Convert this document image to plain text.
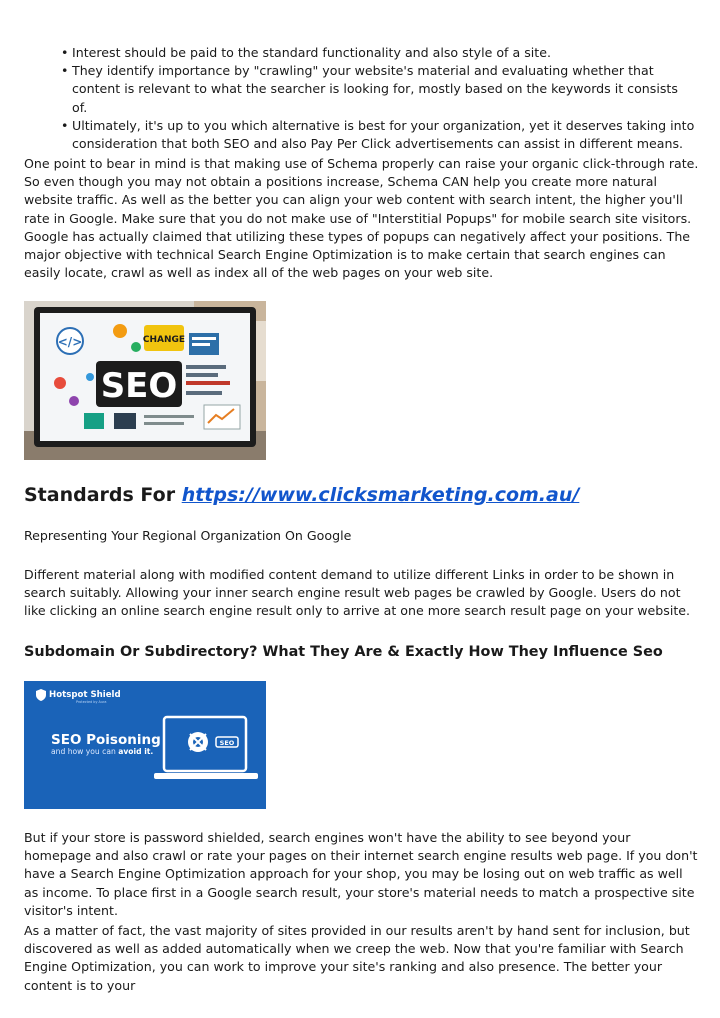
• Interest should be paid to the standard functionality and also style of a site.
• They identify importance by "crawling" your website's material and evaluating whether that content is relevant to what the searcher is looking for, mostly based on the keywords it consists of.
• Ultimately, it's up to you which alternative is best for your organization, yet it deserves taking into consideration that both SEO and also Pay Per Click advertisements can assist in different means.

One point to bear in mind is that making use of Schema properly can raise your organic click-through rate. So even though you may not obtain a positions increase, Schema CAN help you create more natural website traffic. As well as the better you can align your web content with search intent, the higher you'll rate in Google. Make sure that you do not make use of "Interstitial Popups" for mobile search site visitors. Google has actually claimed that utilizing these types of popups can negatively affect your positions. The major objective with technical Search Engine Optimization is to make certain that search engines can easily locate, crawl as well as index all of the web pages on your web site.

</>	CHANGE
SEO
Standards For https://www.clicksmarketing.com.au/

Representing Your Regional Organization On Google

Different material along with modified content demand to utilize different Links in order to be shown in search suitably. Allowing your inner search engine result web pages be crawled by Google. Users do not like clicking an online search engine result only to arrive at one more search result page on your website.

Subdomain Or Subdirectory? What They Are & Exactly How They Influence Seo
Hotspot Shield
Protected by Aura
SEO Poisoning
and how you can avoid it.
SEO

But if your store is password shielded, search engines won't have the ability to see beyond your homepage and also crawl or rate your pages on their internet search engine results web page. If you don't have a Search Engine Optimization approach for your shop, you may be losing out on web traffic as well as income. To place first in a Google search result, your store's material needs to match a prospective site visitor's intent.

As a matter of fact, the vast majority of sites provided in our results aren't by hand sent for inclusion, but discovered as well as added automatically when we creep the web. Now that you're familiar with Search Engine Optimization, you can work to improve your site's ranking and also presence. The better your content is to your
